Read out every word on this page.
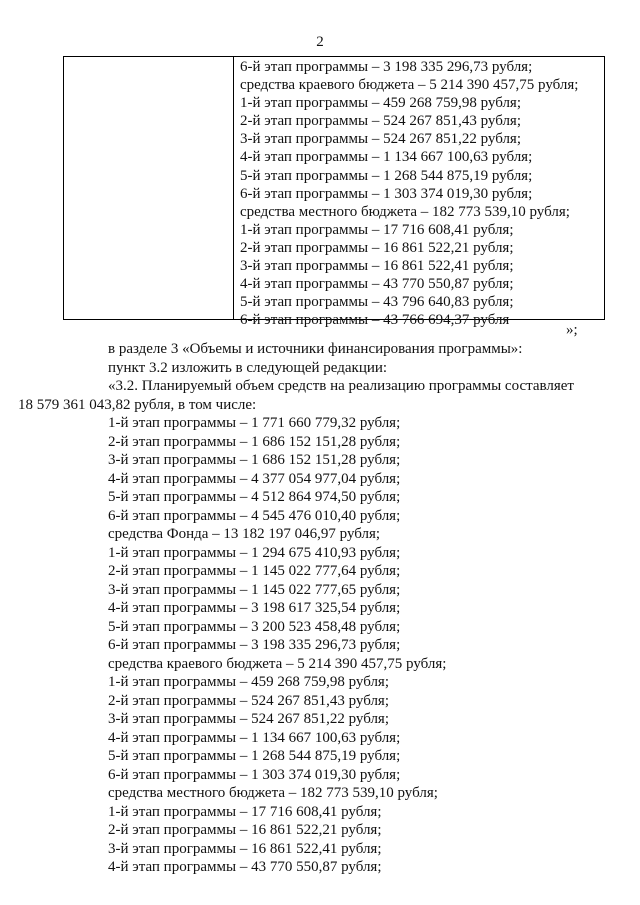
2
6-й этап программы – 3 198 335 296,73 рубля;
средства краевого бюджета – 5 214 390 457,75 рубля;
1-й этап программы – 459 268 759,98 рубля;
2-й этап программы – 524 267 851,43 рубля;
3-й этап программы – 524 267 851,22 рубля;
4-й этап программы – 1 134 667 100,63 рубля;
5-й этап программы – 1 268 544 875,19 рубля;
6-й этап программы – 1 303 374 019,30 рубля;
средства местного бюджета – 182 773 539,10 рубля;
1-й этап программы – 17 716 608,41 рубля;
2-й этап программы – 16 861 522,21 рубля;
3-й этап программы – 16 861 522,41 рубля;
4-й этап программы – 43 770 550,87 рубля;
5-й этап программы – 43 796 640,83 рубля;
6-й этап программы – 43 766 694,37 рубля
»;
в разделе 3 «Объемы и источники финансирования программы»:
пункт 3.2 изложить в следующей редакции:
«3.2. Планируемый объем средств на реализацию программы составляет
18 579 361 043,82 рубля, в том числе:
1-й этап программы – 1 771 660 779,32 рубля;
2-й этап программы – 1 686 152 151,28 рубля;
3-й этап программы – 1 686 152 151,28 рубля;
4-й этап программы – 4 377 054 977,04 рубля;
5-й этап программы – 4 512 864 974,50 рубля;
6-й этап программы – 4 545 476 010,40 рубля;
средства Фонда – 13 182 197 046,97 рубля;
1-й этап программы – 1 294 675 410,93 рубля;
2-й этап программы – 1 145 022 777,64 рубля;
3-й этап программы – 1 145 022 777,65 рубля;
4-й этап программы – 3 198 617 325,54 рубля;
5-й этап программы – 3 200 523 458,48 рубля;
6-й этап программы – 3 198 335 296,73 рубля;
средства краевого бюджета – 5 214 390 457,75 рубля;
1-й этап программы – 459 268 759,98 рубля;
2-й этап программы – 524 267 851,43 рубля;
3-й этап программы – 524 267 851,22 рубля;
4-й этап программы – 1 134 667 100,63 рубля;
5-й этап программы – 1 268 544 875,19 рубля;
6-й этап программы – 1 303 374 019,30 рубля;
средства местного бюджета – 182 773 539,10 рубля;
1-й этап программы – 17 716 608,41 рубля;
2-й этап программы – 16 861 522,21 рубля;
3-й этап программы – 16 861 522,41 рубля;
4-й этап программы – 43 770 550,87 рубля;
